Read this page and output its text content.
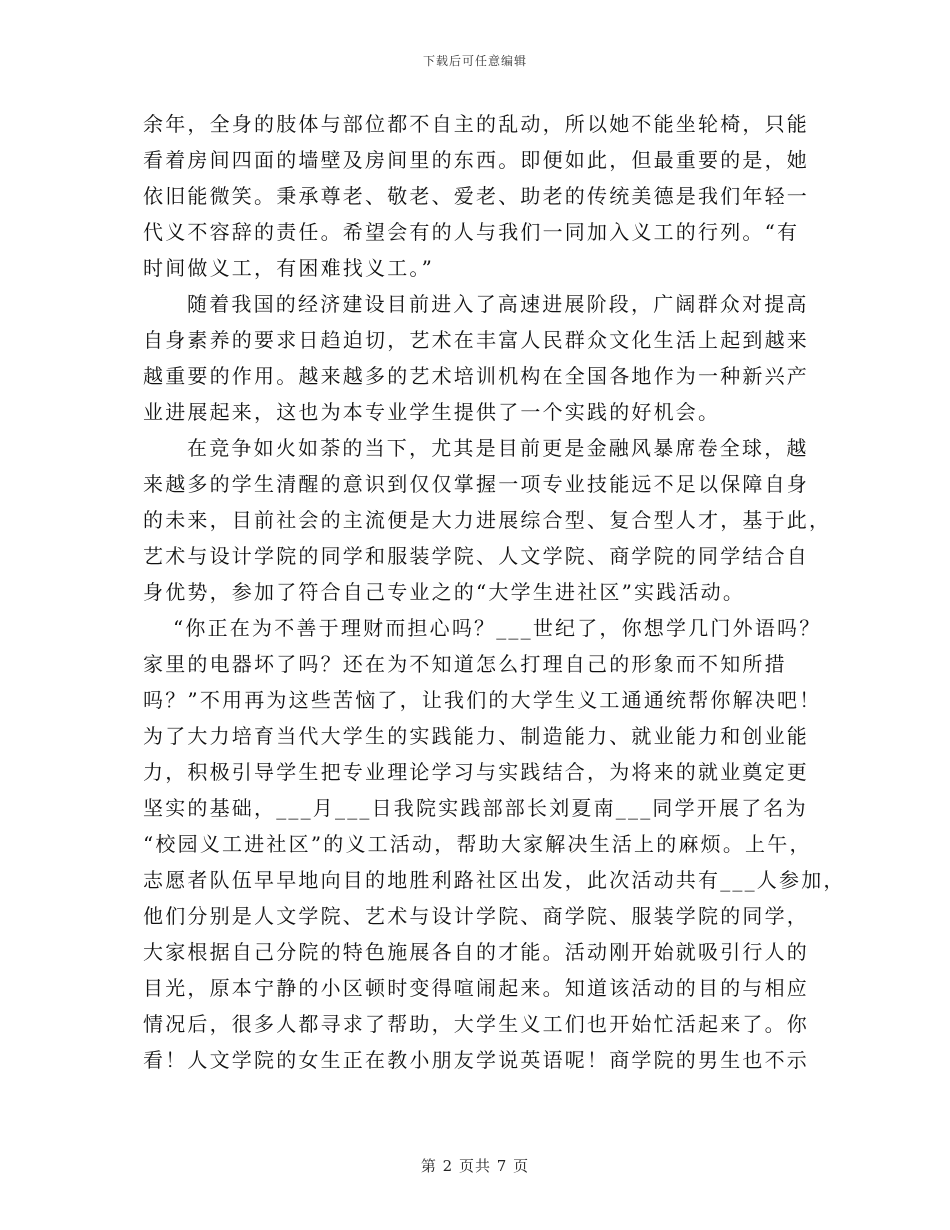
下载后可任意编辑
余年，全身的肢体与部位都不自主的乱动，所以她不能坐轮椅，只能
看着房间四面的墙壁及房间里的东西。即便如此，但最重要的是，她
依旧能微笑。秉承尊老、敬老、爱老、助老的传统美德是我们年轻一
代义不容辞的责任。希望会有的人与我们一同加入义工的行列。“有
时间做义工，有困难找义工。”
随着我国的经济建设目前进入了高速进展阶段，广阔群众对提高
自身素养的要求日趋迫切，艺术在丰富人民群众文化生活上起到越来
越重要的作用。越来越多的艺术培训机构在全国各地作为一种新兴产
业进展起来，这也为本专业学生提供了一个实践的好机会。
在竞争如火如荼的当下，尤其是目前更是金融风暴席卷全球，越
来越多的学生清醒的意识到仅仅掌握一项专业技能远不足以保障自身
的未来，目前社会的主流便是大力进展综合型、复合型人才，基于此，
艺术与设计学院的同学和服装学院、人文学院、商学院的同学结合自
身优势，参加了符合自己专业之的“大学生进社区”实践活动。
“你正在为不善于理财而担心吗？___世纪了，你想学几门外语吗？
家里的电器坏了吗？还在为不知道怎么打理自己的形象而不知所措
吗？”不用再为这些苦恼了，让我们的大学生义工通通统帮你解决吧！
为了大力培育当代大学生的实践能力、制造能力、就业能力和创业能
力，积极引导学生把专业理论学习与实践结合，为将来的就业奠定更
坚实的基础，___月___日我院实践部部长刘夏南___同学开展了名为
“校园义工进社区”的义工活动，帮助大家解决生活上的麻烦。上午，
志愿者队伍早早地向目的地胜利路社区出发，此次活动共有___人参加，
他们分别是人文学院、艺术与设计学院、商学院、服装学院的同学，
大家根据自己分院的特色施展各自的才能。活动刚开始就吸引行人的
目光，原本宁静的小区顿时变得喧闹起来。知道该活动的目的与相应
情况后，很多人都寻求了帮助，大学生义工们也开始忙活起来了。你
看！人文学院的女生正在教小朋友学说英语呢！商学院的男生也不示
第 2 页共 7 页
